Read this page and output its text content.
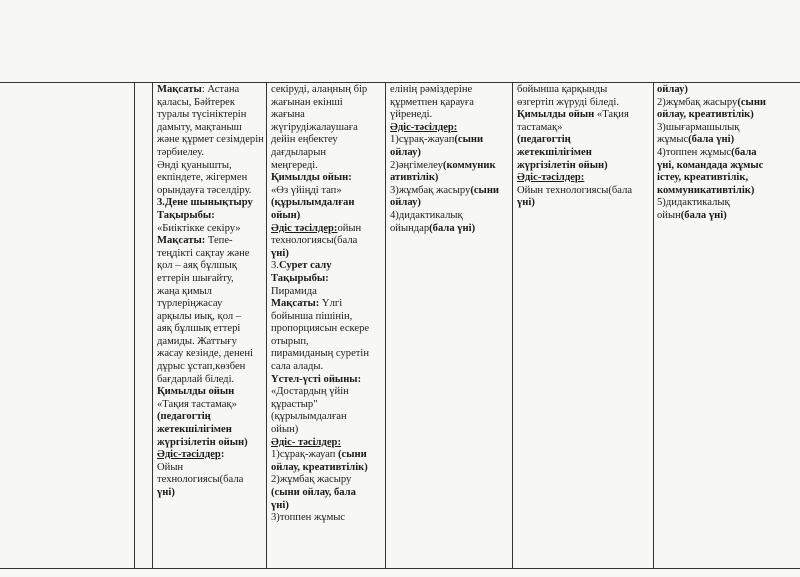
Мақсаты: Астана
қаласы, Бәйтерек
туралы түсініктерін
дамыту, мақтаныш
және құрмет сезімдерін
тәрбиелеу.
Әнді қуанышты,
екпіндете, жігермен
орындауға тәселдіру.
3.Дене шынықтыру
Тақырыбы:
«Биіктікке секіру»
Мақсаты: Тепе-
теңдікті сақтау және
қол – аяқ бұлшық
еттерін шығайту,
жаңа қимыл
түрлеріңжасау
арқылы иық, қол –
аяқ бұлшық еттері
дамиды. Жаттығу
жасау кезінде, денені
дұрыс ұстап,көзбен
бағдарлай біледі.
Қимылды ойын
«Тақия тастамақ»
(педагогтің
жетекшілігімен
жүргізілетін ойын)
Әдіс-тәсілдер:
Ойын
технологиясы(бала
үні)
секіруді, алаңның бір
жағынан екінші
жағына
жүгірудіжалаушаға
дейін еңбектеу
дағдыларын
меңгереді.
Қимылды ойын:
«Өз үйіңді тап»
(құрылымдалған
ойын)
Әдіс тәсілдер:ойын
технологиясы(бала
үні)
3.Сурет салу
Тақырыбы:
Пирамида
Мақсаты: Үлгі
бойынша пішінін,
пропорциясын ескере
отырып,
пирамиданың суретін
сала алады.
Үстел-үсті ойыны:
«Достардың үйін
құрастыр"
(құрылымдалған
ойын)
Әдіс- тәсілдер:
1)сұрақ-жауап (сыни
ойлау, креативтілік)
2)жұмбақ жасыру
(сыни ойлау, бала
үні)
3)топпен жұмыс
елінің рәміздеріне
құрметпен қарауға
үйренеді.
Әдіс-тәсілдер:
1)сұрақ-жауап(сыни
ойлау)
2)әңгімелеу(коммуник
ативтілік)
3)жұмбақ жасыру(сыни
ойлау)
4)дидактикалық
ойындар(бала үні)
бойынша қарқынды
өзгертіп жүруді біледі.
Қимылды ойын «Тақия
тастамақ»
(педагогтің
жетекшілігімен
жүргізілетін ойын)
Әдіс-тәсілдер:
Ойын технологиясы(бала
үні)
ойлау)
2)жұмбақ жасыру(сыни
ойлау, креативтілік)
3)шығармашылық
жұмыс(бала үні)
4)топпен жұмыс(бала
үні, командада жұмыс
істеу, креативтілік,
коммуникативтілік)
5)дидактикалық
ойын(бала үні)
